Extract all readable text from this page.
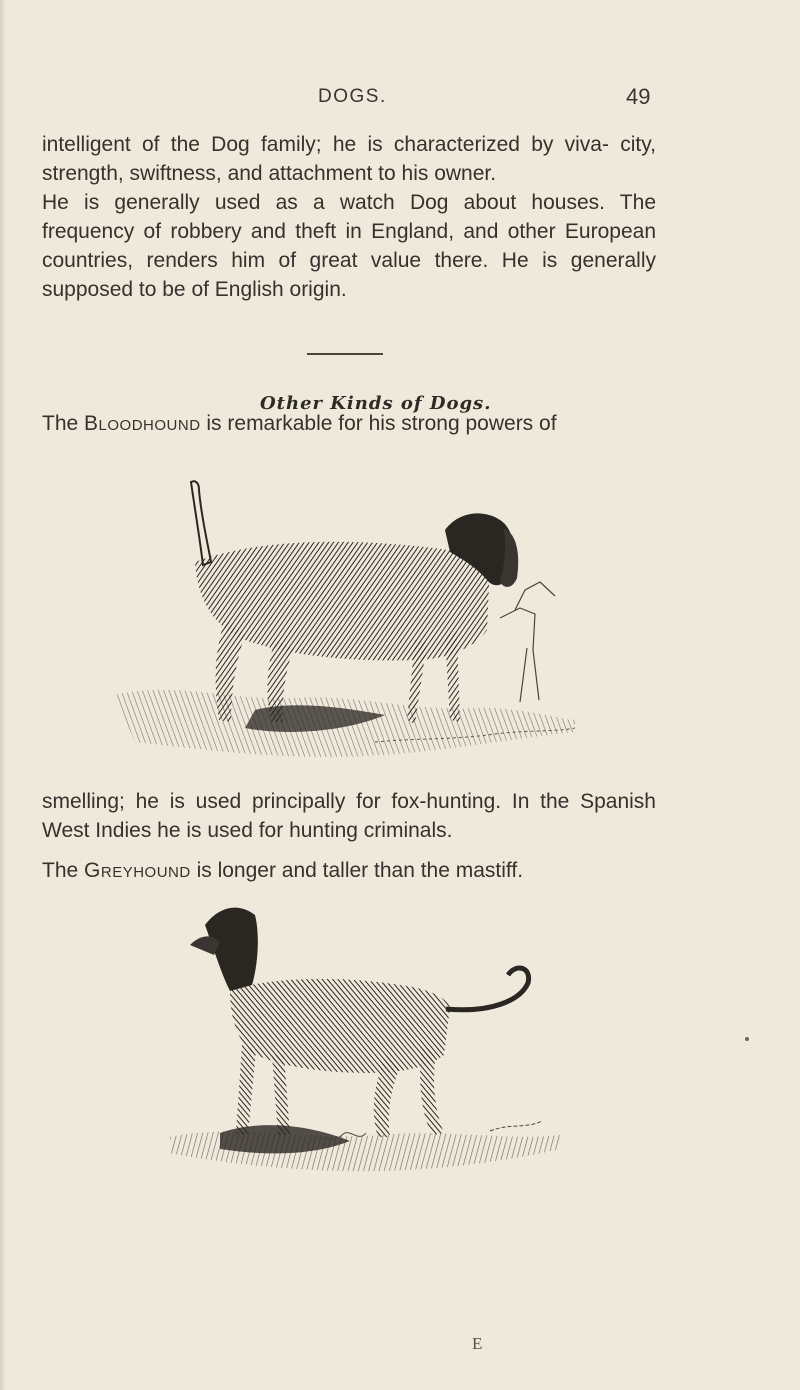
DOGS.	49

intelligent of the Dog family; he is characterized by viva- city, strength, swiftness, and attachment to his owner.

He is generally used as a watch Dog about houses. The frequency of robbery and theft in England, and other European countries, renders him of great value there. He is generally supposed to be of English origin.

Other Kinds of Dogs.

The Bloodhound is remarkable for his strong powers of

smelling; he is used principally for fox-hunting. In the Spanish West Indies he is used for hunting criminals.

The Greyhound is longer and taller than the mastiff.

E
